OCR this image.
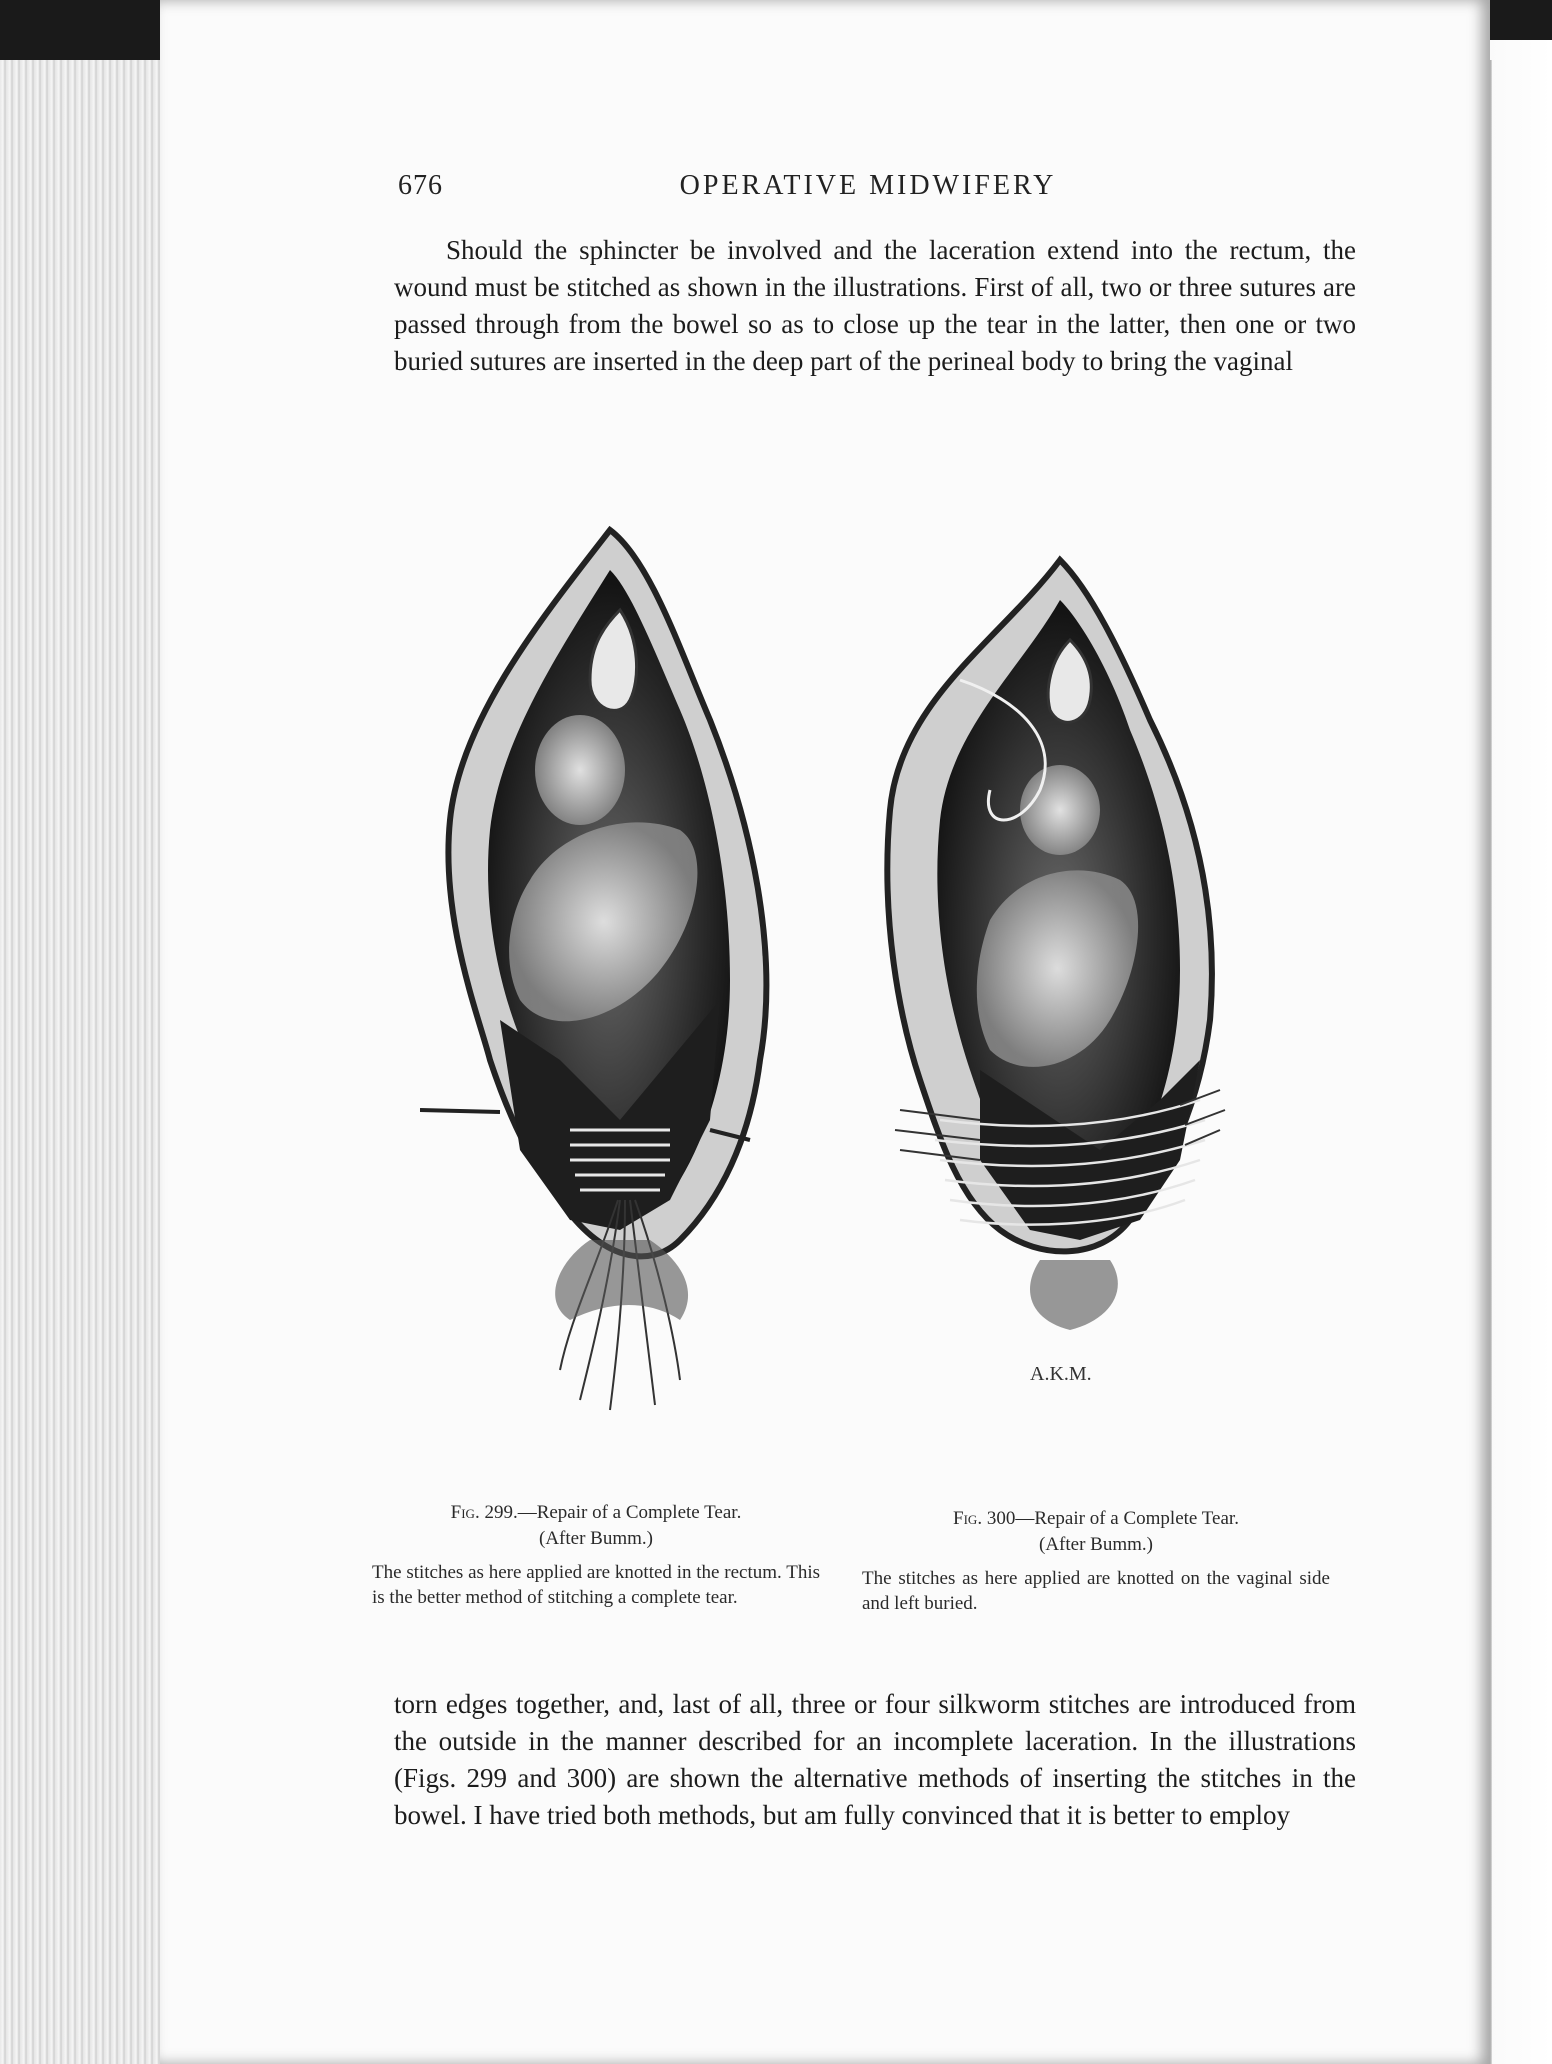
676	OPERATIVE MIDWIFERY

Should the sphincter be involved and the laceration extend into the rectum, the wound must be stitched as shown in the illustrations. First of all, two or three sutures are passed through from the bowel so as to close up the tear in the latter, then one or two buried sutures are inserted in the deep part of the perineal body to bring the vaginal

A.K.M.
Fig. 299.—Repair of a Complete Tear.
(After Bumm.)
The stitches as here applied are knotted in the rectum. This is the better method of stitching a complete tear.
Fig. 300—Repair of a Complete Tear.
(After Bumm.)
The stitches as here applied are knotted on the vaginal side and left buried.

torn edges together, and, last of all, three or four silkworm stitches are introduced from the outside in the manner described for an incomplete laceration. In the illustrations (Figs. 299 and 300) are shown the alternative methods of inserting the stitches in the bowel. I have tried both methods, but am fully convinced that it is better to employ
